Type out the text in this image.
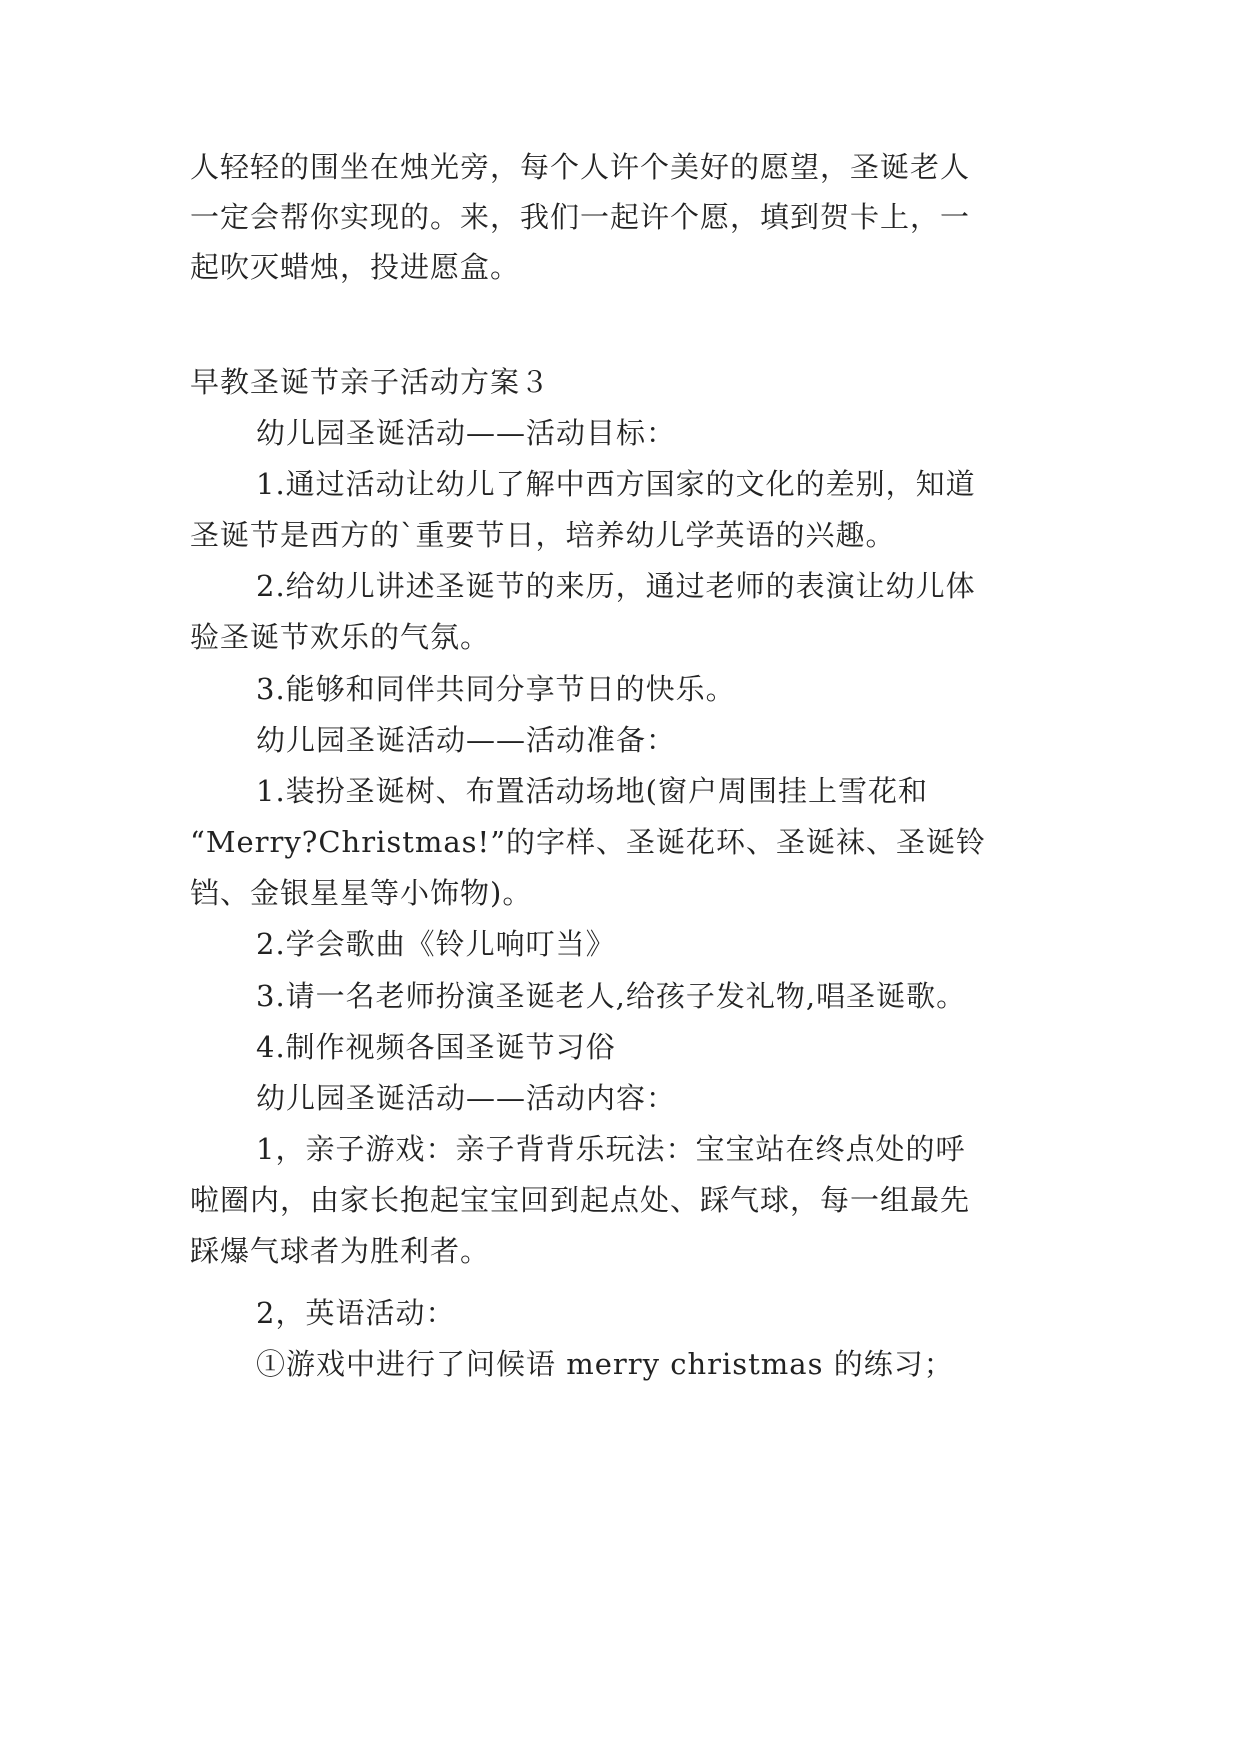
人轻轻的围坐在烛光旁，每个人许个美好的愿望，圣诞老人
一定会帮你实现的。来，我们一起许个愿，填到贺卡上，一
起吹灭蜡烛，投进愿盒。
早教圣诞节亲子活动方案３
幼儿园圣诞活动——活动目标：
1.通过活动让幼儿了解中西方国家的文化的差别，知道
圣诞节是西方的`重要节日，培养幼儿学英语的兴趣。
2.给幼儿讲述圣诞节的来历，通过老师的表演让幼儿体
验圣诞节欢乐的气氛。
3.能够和同伴共同分享节日的快乐。
幼儿园圣诞活动——活动准备：
1.装扮圣诞树、布置活动场地(窗户周围挂上雪花和
“Merry?Christmas!”的字样、圣诞花环、圣诞袜、圣诞铃
铛、金银星星等小饰物)。
2.学会歌曲《铃儿响叮当》
3.请一名老师扮演圣诞老人,给孩子发礼物,唱圣诞歌。
4.制作视频各国圣诞节习俗
幼儿园圣诞活动——活动内容：
1，亲子游戏：亲子背背乐玩法：宝宝站在终点处的呼
啦圈内，由家长抱起宝宝回到起点处、踩气球，每一组最先
踩爆气球者为胜利者。
2，英语活动：
①游戏中进行了问候语 merry christmas 的练习；
